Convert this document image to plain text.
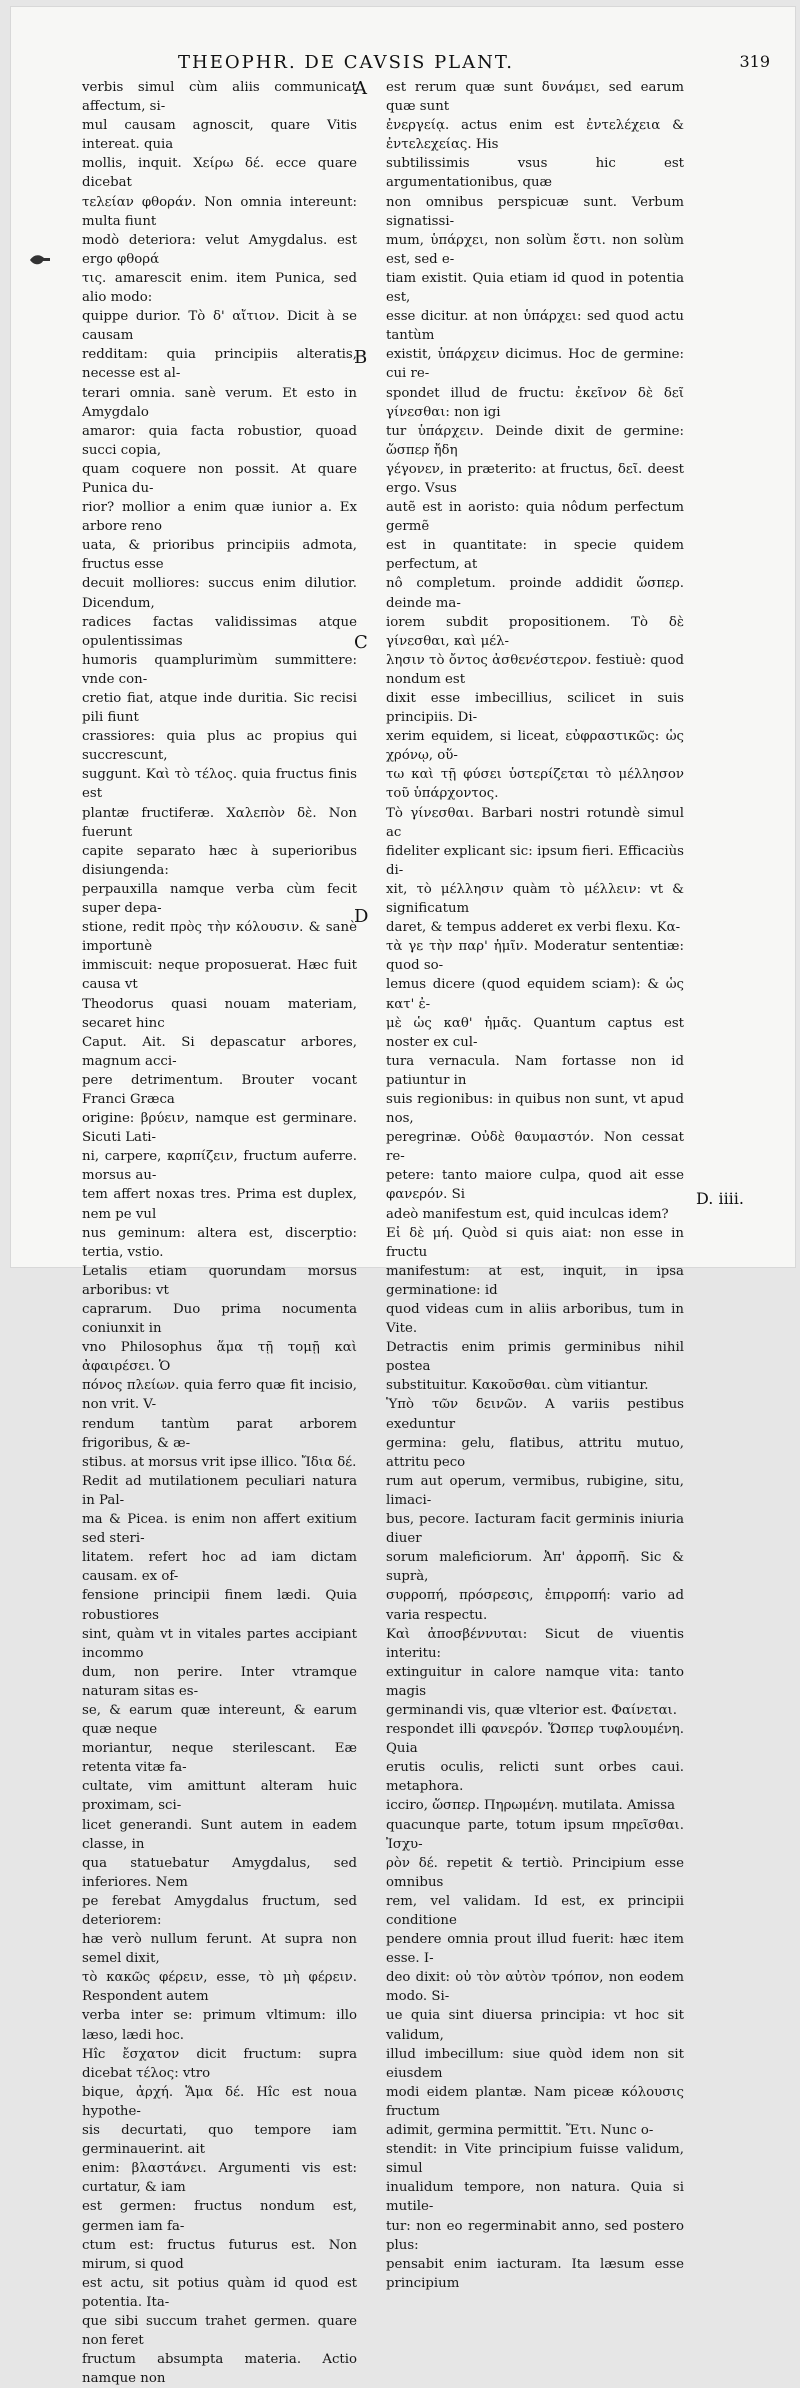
THEOPHR. DE CAVSIS PLANT.	319

verbis simul cùm aliis communicat affectum, si-

mul causam agnoscit, quare Vitis intereat. quia

mollis, inquit. Χείρω δέ. ecce quare dicebat

τελείαν φθοράν. Non omnia intereunt: multa fiunt

modò deteriora: velut Amygdalus. est ergo φθορά

τις. amarescit enim. item Punica, sed alio modo:

quippe durior. Τὸ δ' αἴτιον. Dicit à se causam

redditam: quia principiis alteratis, necesse est al-

terari omnia. sanè verum. Et esto in Amygdalo

amaror: quia facta robustior, quoad succi copia,

quam coquere non possit. At quare Punica du-

rior? mollior a enim quæ iunior a. Ex arbore reno

uata, & prioribus principiis admota, fructus esse

decuit molliores: succus enim dilutior. Dicendum,

radices factas validissimas atque opulentissimas

humoris quamplurimùm summittere: vnde con-

cretio fiat, atque inde duritia. Sic recisi pili fiunt

crassiores: quia plus ac propius qui succrescunt,

suggunt. Καὶ τὸ τέλος. quia fructus finis est

plantæ fructiferæ. Χαλεπὸν δὲ. Non fuerunt

capite separato hæc à superioribus disiungenda:

perpauxilla namque verba cùm fecit super depa-

stione, redit πρὸς τὴν κόλουσιν. & sanè importunè

immiscuit: neque proposuerat. Hæc fuit causa vt

Theodorus quasi nouam materiam, secaret hinc

Caput. Ait. Si depascatur arbores, magnum acci-

pere detrimentum. Brouter vocant Franci Græca

origine: βρύειν, namque est germinare. Sicuti Lati-

ni, carpere, καρπίζειν, fructum auferre. morsus au-

tem affert noxas tres. Prima est duplex, nem pe vul

nus geminum: altera est, discerptio: tertia, vstio.

Letalis etiam quorundam morsus arboribus: vt

caprarum. Duo prima nocumenta coniunxit in

vno Philosophus ἅμα τῇ τομῇ καὶ ἀφαιρέσει. Ὁ

πόνος πλείων. quia ferro quæ fit incisio, non vrit. V-

rendum tantùm parat arborem frigoribus, & æ-

stibus. at morsus vrit ipse illico. Ἴδια δέ.

Redit ad mutilationem peculiari natura in Pal-

ma & Picea. is enim non affert exitium sed steri-

litatem. refert hoc ad iam dictam causam. ex of-

fensione principii finem lædi. Quia robustiores

sint, quàm vt in vitales partes accipiant incommo

dum, non perire. Inter vtramque naturam sitas es-

se, & earum quæ intereunt, & earum quæ neque

moriantur, neque sterilescant. Eæ retenta vitæ fa-

cultate, vim amittunt alteram huic proximam, sci-

licet generandi. Sunt autem in eadem classe, in

qua statuebatur Amygdalus, sed inferiores. Nem

pe ferebat Amygdalus fructum, sed deteriorem:

hæ verò nullum ferunt. At supra non semel dixit,

τὸ κακῶς φέρειν, esse, τὸ μὴ φέρειν. Respondent autem

verba inter se: primum vltimum: illo læso, lædi hoc.

Hîc ἔσχατον dicit fructum: supra dicebat τέλος: vtro

bique, ἀρχή. Ἅμα δέ. Hîc est noua hypothe-

sis decurtati, quo tempore iam germinauerint. ait

enim: βλαστάνει. Argumenti vis est: curtatur, & iam

est germen: fructus nondum est, germen iam fa-

ctum est: fructus futurus est. Non mirum, si quod

est actu, sit potius quàm id quod est potentia. Ita-

que sibi succum trahet germen. quare non feret

fructum absumpta materia. Actio namque non

est rerum quæ sunt δυνάμει, sed earum quæ sunt

ἐνεργείᾳ. actus enim est ἐντελέχεια & ἐντελεχείας. His

subtilissimis vsus hic est argumentationibus, quæ

non omnibus perspicuæ sunt. Verbum signatissi-

mum, ὑπάρχει, non solùm ἔστι. non solùm est, sed e-

tiam existit. Quia etiam id quod in potentia est,

esse dicitur. at non ὑπάρχει: sed quod actu tantùm

existit, ὑπάρχειν dicimus. Hoc de germine: cui re-

spondet illud de fructu: ἐκεῖνον δὲ δεῖ γίνεσθαι: non igi

tur ὑπάρχειν. Deinde dixit de germine: ὥσπερ ἤδη

γέγονεν, in præterito: at fructus, δεῖ. deest ergo. Vsus

autẽ est in aoristo: quia nôdum perfectum germẽ

est in quantitate: in specie quidem perfectum, at

nô completum. proinde addidit ὥσπερ. deinde ma-

iorem subdit propositionem. Τὸ δὲ γίνεσθαι, καὶ μέλ-

λησιν τὸ ὄντος ἀσθενέστερον. festiuè: quod nondum est

dixit esse imbecillius, scilicet in suis principiis. Di-

xerim equidem, si liceat, εὐφραστικῶς: ὡς χρόνῳ, οὕ-

τω καὶ τῇ φύσει ὑστερίζεται τὸ μέλλησον τοῦ ὑπάρχοντος.

Τὸ γίνεσθαι. Barbari nostri rotundè simul ac

fideliter explicant sic: ipsum fieri. Efficaciùs di-

xit, τὸ μέλλησιν quàm τὸ μέλλειν: vt & significatum

daret, & tempus adderet ex verbi flexu. Κα-

τὰ γε τὴν παρ' ἡμῖν. Moderatur sententiæ: quod so-

lemus dicere (quod equidem sciam): & ὡς κατ' ἐ-

μὲ ὡς καθ' ἡμᾶς. Quantum captus est noster ex cul-

tura vernacula. Nam fortasse non id patiuntur in

suis regionibus: in quibus non sunt, vt apud nos,

peregrinæ. Οὐδὲ θαυμαστόν. Non cessat re-

petere: tanto maiore culpa, quod ait esse φανερόν. Si

adeò manifestum est, quid inculcas idem?

Εἰ δὲ μή. Quòd si quis aiat: non esse in fructu

manifestum: at est, inquit, in ipsa germinatione: id

quod videas cum in aliis arboribus, tum in Vite.

Detractis enim primis germinibus nihil postea

substituitur. Κακοῦσθαι. cùm vitiantur.

Ὑπὸ τῶν δεινῶν. A variis pestibus exeduntur

germina: gelu, flatibus, attritu mutuo, attritu peco

rum aut operum, vermibus, rubigine, situ, limaci-

bus, pecore. Iacturam facit germinis iniuria diuer

sorum maleficiorum. Ἀπ' ἀρροπῆ. Sic & suprà,

συρροπή, πρόσρεσις, ἐπιρροπή: vario ad varia respectu.

Καὶ ἀποσβέννυται: Sicut de viuentis interitu:

extinguitur in calore namque vita: tanto magis

germinandi vis, quæ vlterior est. Φαίνεται.

respondet illi φανερόν. Ὥσπερ τυφλουμένη. Quia

erutis oculis, relicti sunt orbes caui. metaphora.

icciro, ὥσπερ. Πηρωμένη. mutilata. Amissa

quacunque parte, totum ipsum πηρεῖσθαι. Ἰσχυ-

ρὸν δέ. repetit & tertiò. Principium esse omnibus

rem, vel validam. Id est, ex principii conditione

pendere omnia prout illud fuerit: hæc item esse. I-

deo dixit: οὐ τὸν αὐτὸν τρόπον, non eodem modo. Si-

ue quia sint diuersa principia: vt hoc sit validum,

illud imbecillum: siue quòd idem non sit eiusdem

modi eidem plantæ. Nam piceæ κόλουσις fructum

adimit, germina permittit. Ἔτι. Nunc o-

stendit: in Vite principium fuisse validum, simul

inualidum tempore, non natura. Quia si mutile-

tur: non eo regerminabit anno, sed postero plus:

pensabit enim iacturam. Ita læsum esse principium

A
B
C
D
D. iiii.
